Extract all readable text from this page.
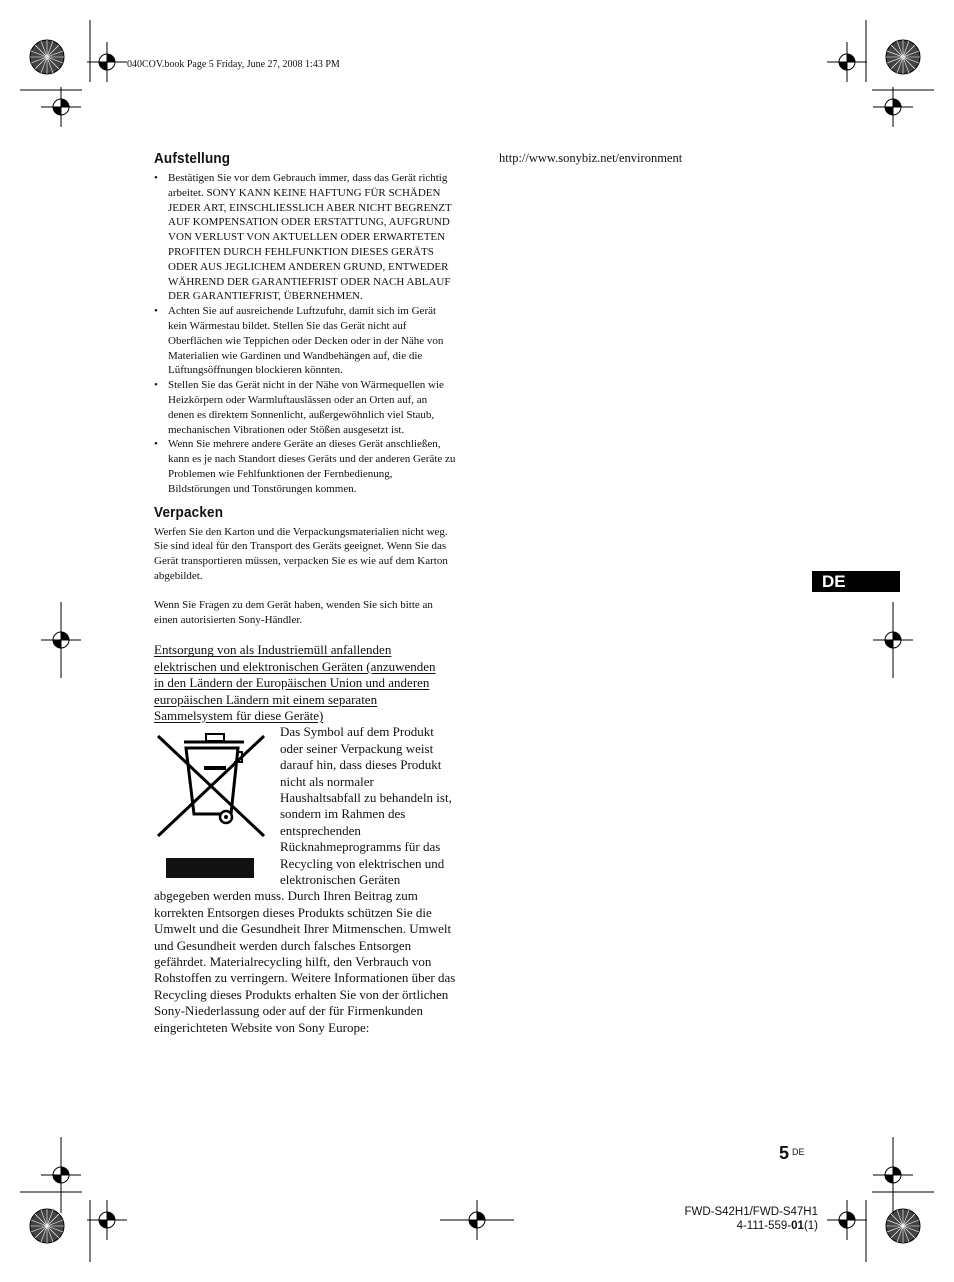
040COV.book Page 5 Friday, June 27, 2008 1:43 PM
Aufstellung
• Bestätigen Sie vor dem Gebrauch immer, dass das Gerät richtig arbeitet. SONY KANN KEINE HAFTUNG FÜR SCHÄDEN JEDER ART, EINSCHLIESSLICH ABER NICHT BEGRENZT AUF KOMPENSATION ODER ERSTATTUNG, AUFGRUND VON VERLUST VON AKTUELLEN ODER ERWARTETEN PROFITEN DURCH FEHLFUNKTION DIESES GERÄTS ODER AUS JEGLICHEM ANDEREN GRUND, ENTWEDER WÄHREND DER GARANTIEFRIST ODER NACH ABLAUF DER GARANTIEFRIST, ÜBERNEHMEN.
• Achten Sie auf ausreichende Luftzufuhr, damit sich im Gerät kein Wärmestau bildet. Stellen Sie das Gerät nicht auf Oberflächen wie Teppichen oder Decken oder in der Nähe von Materialien wie Gardinen und Wandbehängen auf, die die Lüftungsöffnungen blockieren könnten.
• Stellen Sie das Gerät nicht in der Nähe von Wärmequellen wie Heizkörpern oder Warmluftauslässen oder an Orten auf, an denen es direktem Sonnenlicht, außergewöhnlich viel Staub, mechanischen Vibrationen oder Stößen ausgesetzt ist.
• Wenn Sie mehrere andere Geräte an dieses Gerät anschließen, kann es je nach Standort dieses Geräts und der anderen Geräte zu Problemen wie Fehlfunktionen der Fernbedienung, Bildstörungen und Tonstörungen kommen.
Verpacken

Werfen Sie den Karton und die Verpackungsmaterialien nicht weg.

Sie sind ideal für den Transport des Geräts geeignet. Wenn Sie das Gerät transportieren müssen, verpacken Sie es wie auf dem Karton abgebildet.

Wenn Sie Fragen zu dem Gerät haben, wenden Sie sich bitte an einen autorisierten Sony-Händler.

Entsorgung von als Industriemüll anfallenden
elektrischen und elektronischen Geräten (anzuwenden
in den Ländern der Europäischen Union und anderen
europäischen Ländern mit einem separaten
Sammelsystem für diese Geräte)
Das Symbol auf dem Produkt oder seiner Verpackung weist darauf hin, dass dieses Produkt nicht als normaler Haushaltsabfall zu behandeln ist, sondern im Rahmen des entsprechenden Rücknahmeprogramms für das Recycling von elektrischen und elektronischen Geräten abgegeben werden muss. Durch Ihren Beitrag zum korrekten Entsorgen dieses Produkts schützen Sie die Umwelt und die Gesundheit Ihrer Mitmenschen. Umwelt und Gesundheit werden durch falsches Entsorgen gefährdet. Materialrecycling hilft, den Verbrauch von Rohstoffen zu verringern. Weitere Informationen über das Recycling dieses Produkts erhalten Sie von der örtlichen Sony-Niederlassung oder auf der für Firmenkunden eingerichteten Website von Sony Europe:
http://www.sonybiz.net/environment
DE
5 $^{DE}$
FWD-S42H1/FWD-S47H1
4-111-559-01(1)
